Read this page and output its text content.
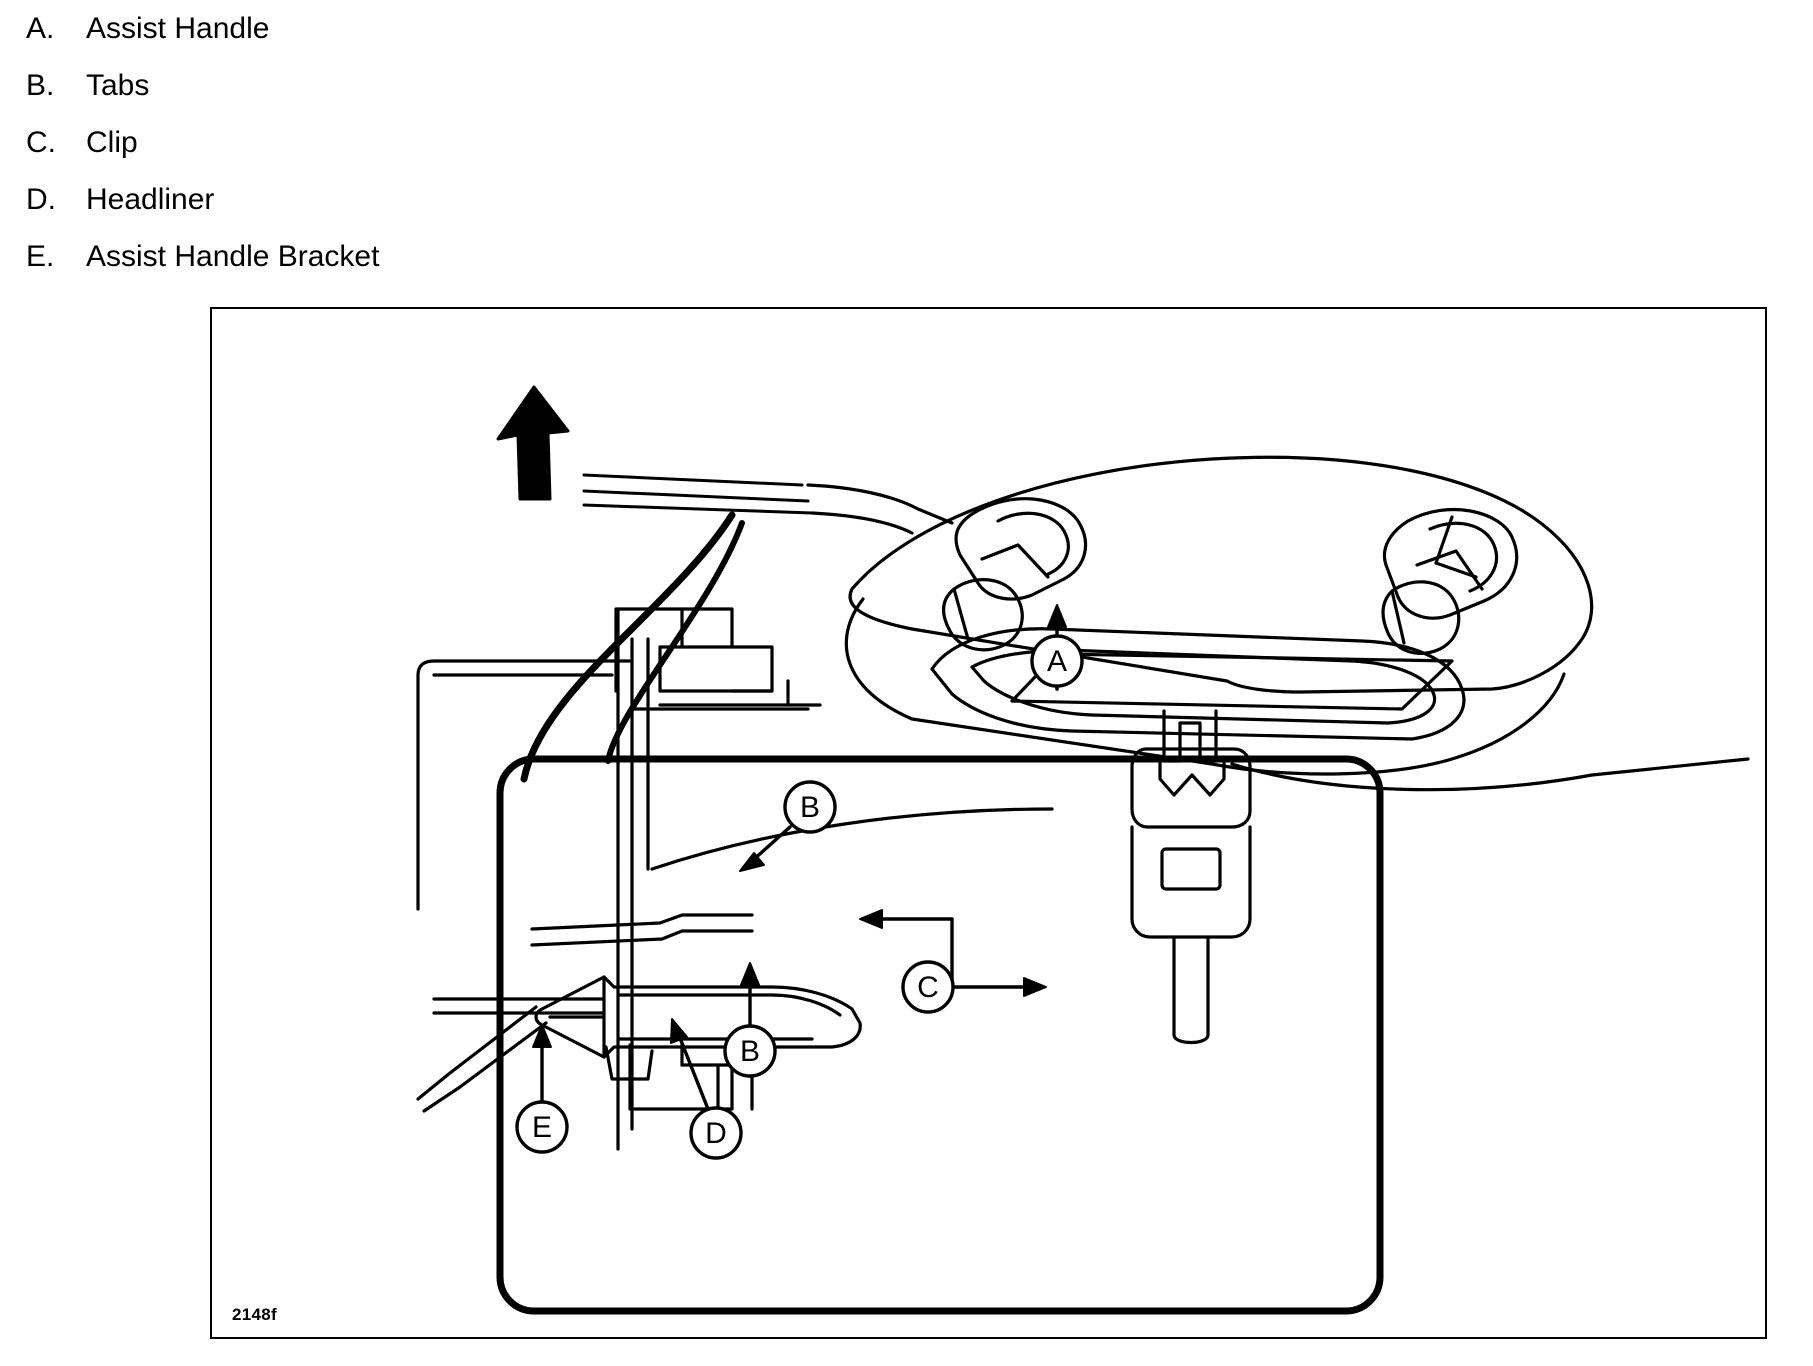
A.	Assist Handle
B.	Tabs
C.	Clip
D.	Headliner
E.	Assist Handle Bracket
A
B
B
C
D
E
2148f
